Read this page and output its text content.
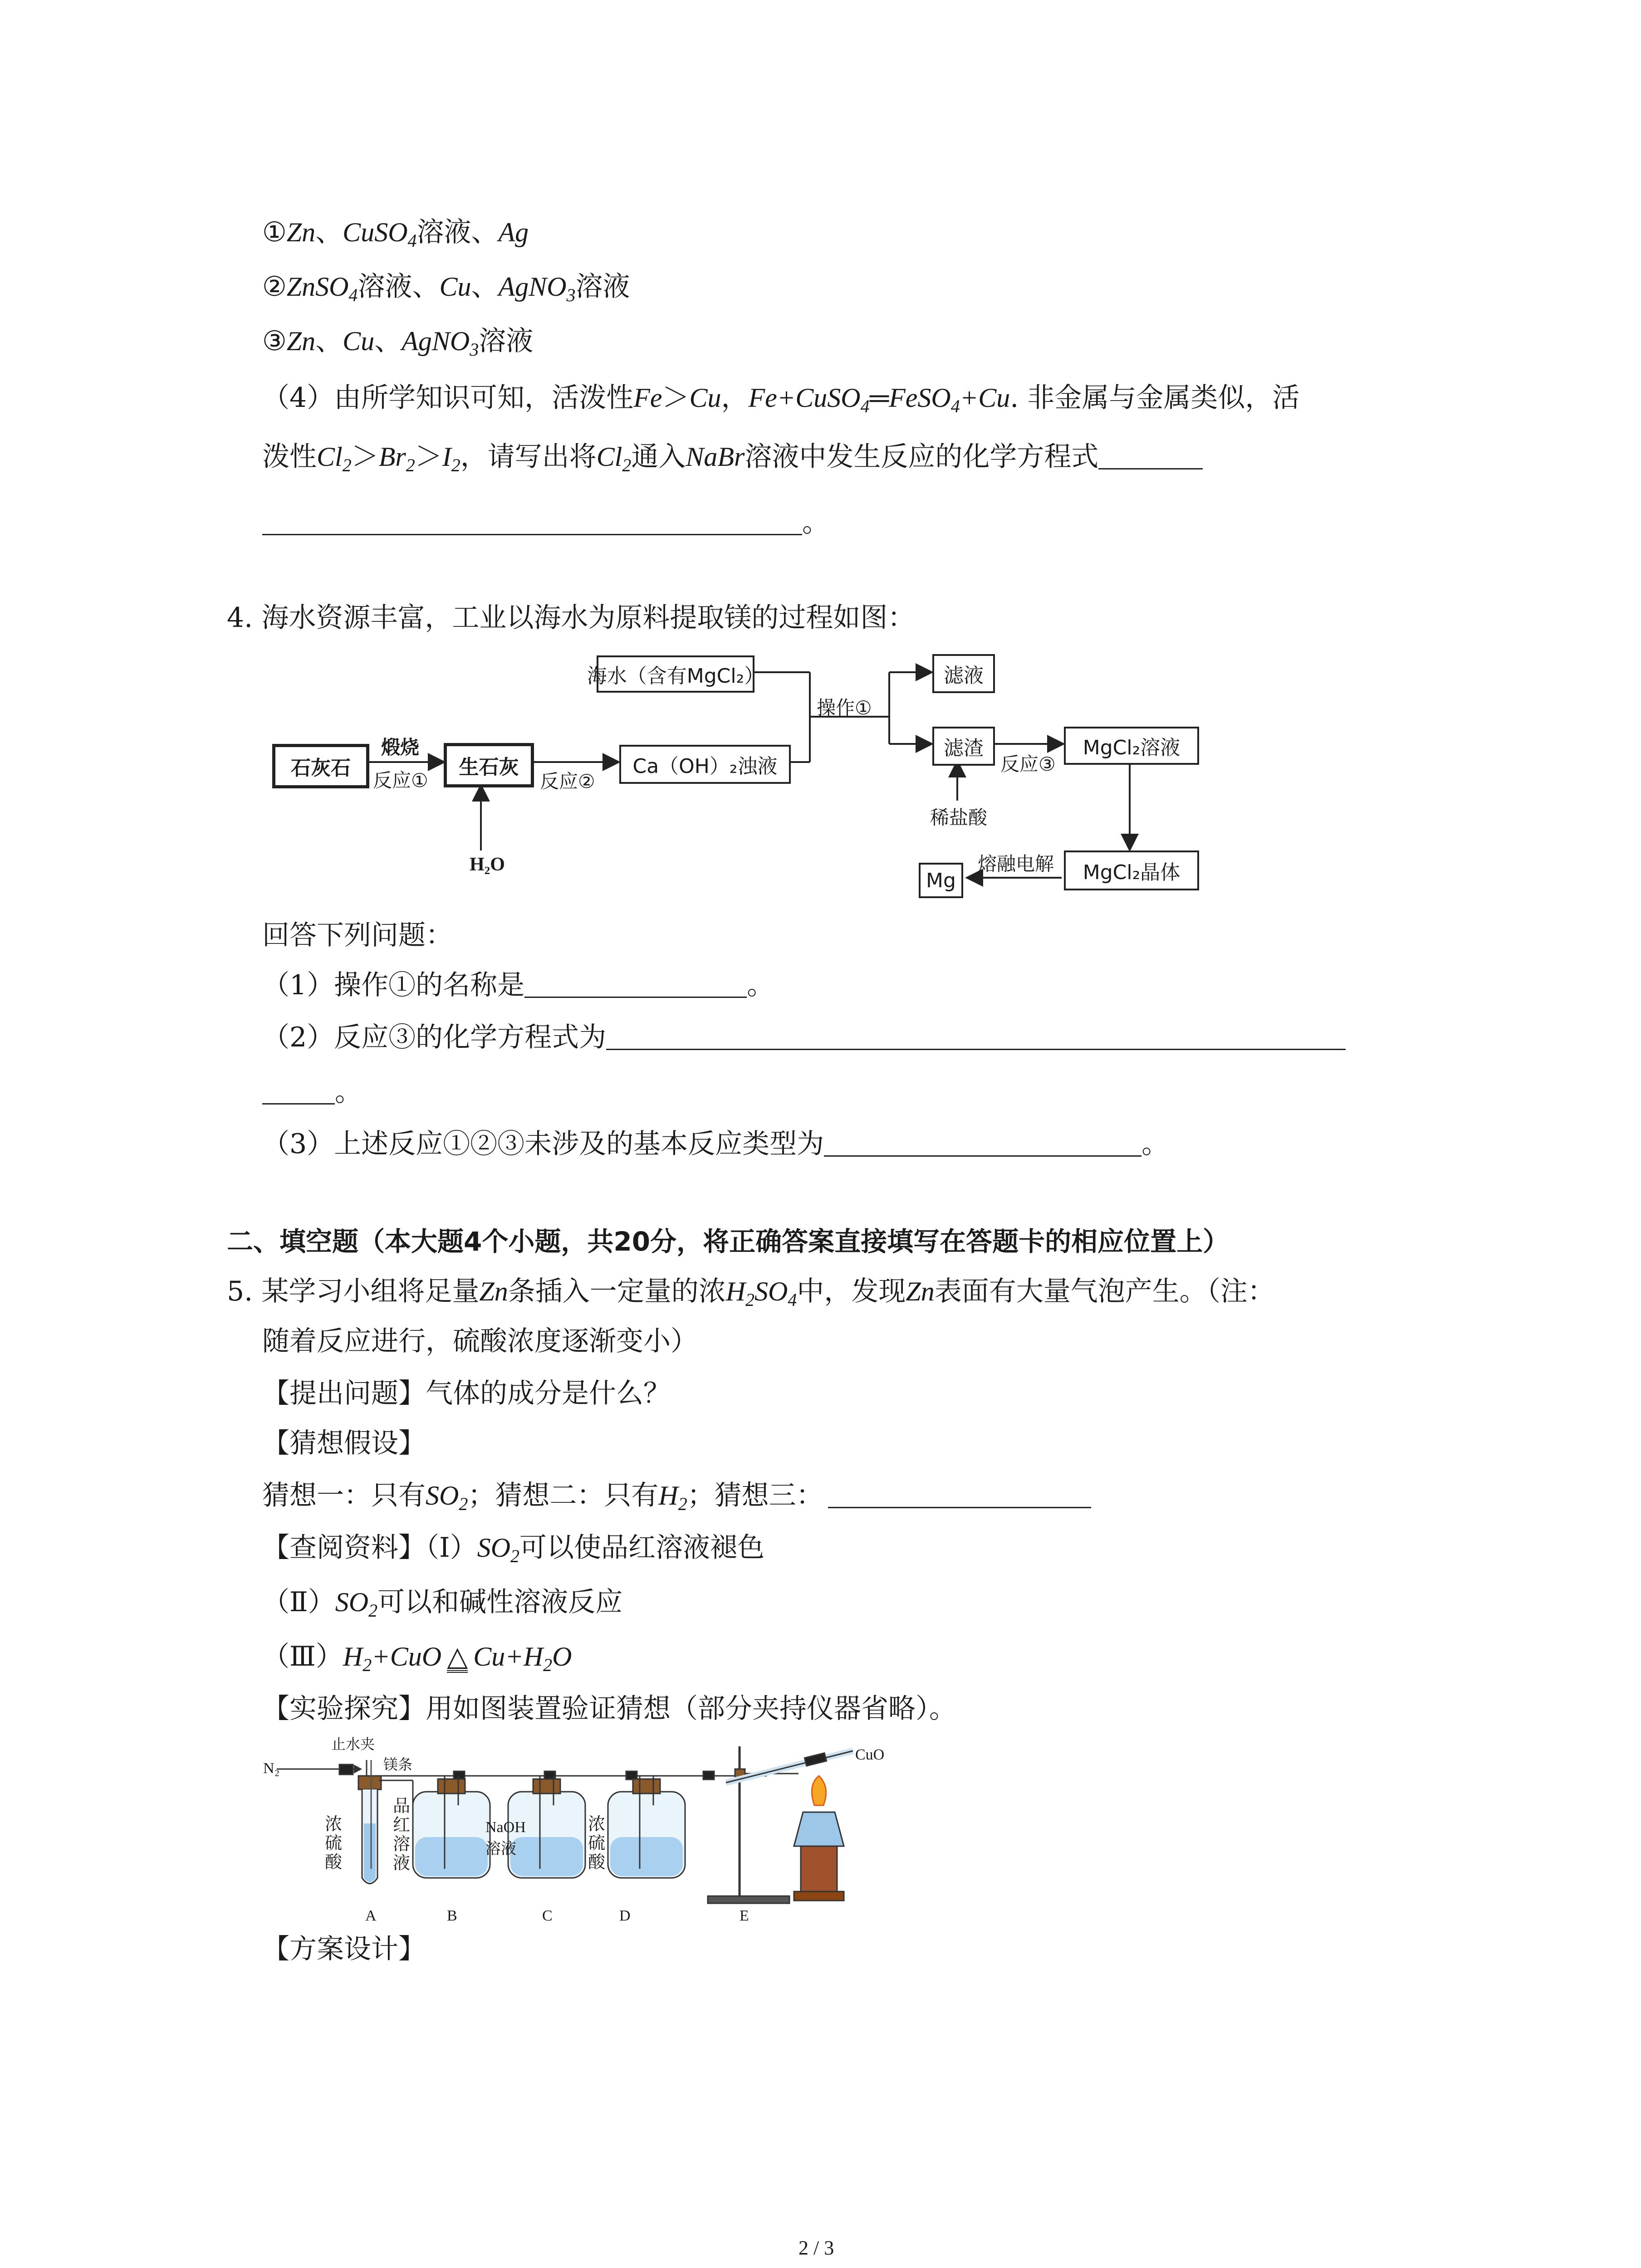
①Zn、CuSO$_4$溶液、Ag
②ZnSO$_4$溶液、Cu、AgNO$_3$溶液
③Zn、Cu、AgNO$_3$溶液
（4）由所学知识可知，活泼性Fe＞Cu，Fe+CuSO$_4$═FeSO$_4$+Cu. 非金属与金属类似，活
泼性$Cl_2>Br_2>I_2$，请写出将$Cl_2$通入NaBr溶液中发生反应的化学方程式
。
4. 海水资源丰富，工业以海水为原料提取镁的过程如图：
石灰石
煅烧
反应①
生石灰
H₂O
反应②
Ca（OH）₂浊液
海水（含有MgCl₂）
操作①
滤液
滤渣
反应③
稀盐酸
MgCl₂溶液
MgCl₂晶体
熔融电解
Mg
回答下列问题：
（1）操作①的名称是	。
（2）反应③的化学方程式为
。
（3）上述反应①②③未涉及的基本反应类型为	。
二、填空题（本大题4个小题，共20分，将正确答案直接填写在答题卡的相应位置上）
5. 某学习小组将足量Zn条插入一定量的浓$H_2SO_4$中，发现Zn表面有大量气泡产生。（注：
随着反应进行，硫酸浓度逐渐变小）
【提出问题】气体的成分是什么？
【猜想假设】
猜想一：只有$SO_2$；猜想二：只有$H_2$；猜想三：
【查阅资料】$(Ⅰ)SO_2$可以使品红溶液褪色
$(Ⅱ)SO_2$可以和碱性溶液反应
$(Ⅲ)H_2+CuO$ △ $Cu+H_2O$
【实验探究】用如图装置验证猜想（部分夹持仪器省略）。
N₂
止水夹
镁条
浓硫酸
品红溶液
NaOH
溶液
浓硫酸
CuO
A	B	C	D	E
【方案设计】
2 / 3
